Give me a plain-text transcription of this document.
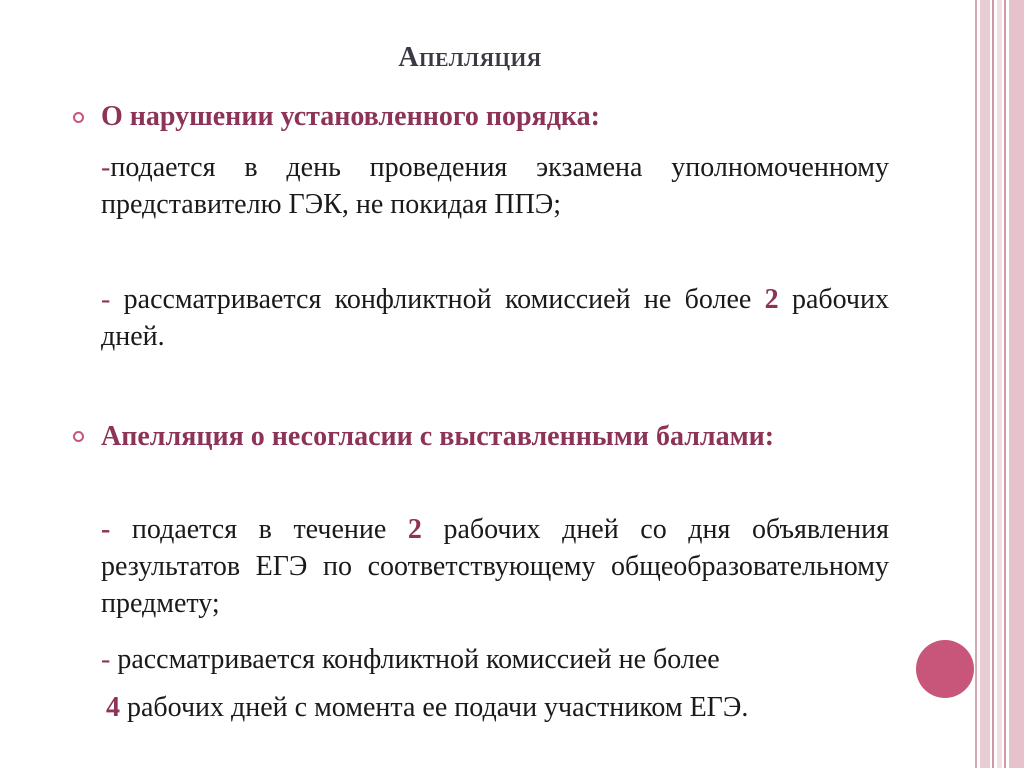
Апелляция
О нарушении установленного порядка:
-подается в день проведения экзамена уполномоченному представителю ГЭК, не покидая ППЭ;
- рассматривается конфликтной комиссией не более 2 рабочих дней.
Апелляция о несогласии с выставленными баллами:
- подается в течение 2 рабочих дней со дня объявления результатов ЕГЭ по соответствующему общеобразовательному предмету;
- рассматривается конфликтной комиссией не более
4 рабочих дней с момента ее подачи участником ЕГЭ.
